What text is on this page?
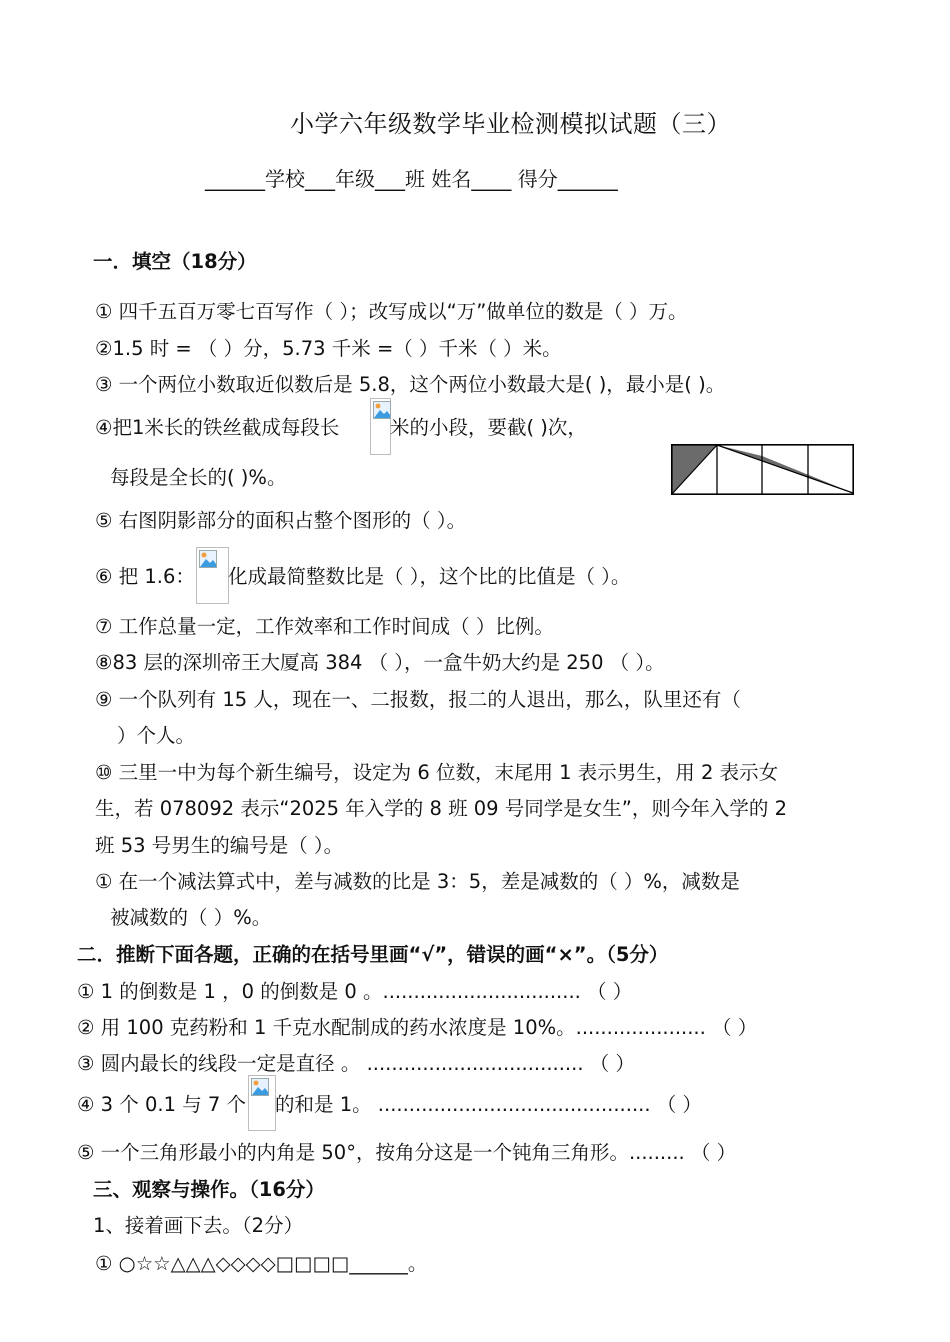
小学六年级数学毕业检测模拟试题（三）
______学校___年级___班 姓名____ 得分______
一．填空（18分）
① 四千五百万零七百写作（ ）；改写成以“万”做单位的数是（ ）万。
②1.5 时 = （ ）分，5.73 千米 =（ ）千米（ ）米。
③ 一个两位小数取近似数后是 5.8，这个两位小数最大是( )，最小是( )。
④把1米长的铁丝截成每段长	米的小段，要截( )次，
每段是全长的( )%。
⑤ 右图阴影部分的面积占整个图形的（ ）。
⑥ 把 1.6： 化成最简整数比是（ ），这个比的比值是（ ）。
⑦ 工作总量一定，工作效率和工作时间成（ ）比例。
⑧83 层的深圳帝王大厦高 384 （ ），一盒牛奶大约是 250 （ ）。
⑨ 一个队列有 15 人，现在一、二报数，报二的人退出，那么，队里还有（
）个人。
⑩ 三里一中为每个新生编号，设定为 6 位数，末尾用 1 表示男生，用 2 表示女
生，若 078092 表示“2025 年入学的 8 班 09 号同学是女生”，则今年入学的 2
班 53 号男生的编号是（ ）。
① 在一个减法算式中，差与减数的比是 3：5，差是减数的（ ）%，减数是
被减数的（ ）%。
二．推断下面各题，正确的在括号里画“√”，错误的画“×”。（5分）
① 1 的倒数是 1 ，0 的倒数是 0 。................................ （ ）
② 用 100 克药粉和 1 千克水配制成的药水浓度是 10%。..................... （ ）
③ 圆内最长的线段一定是直径 。 ................................... （ ）
④ 3 个 0.1 与 7 个 的和是 1。 ............................................ （ ）
⑤ 一个三角形最小的内角是 50°，按角分这是一个钝角三角形。......... （ ）
三、观察与操作。（16分）
1、接着画下去。（2分）
① ○☆☆△△△◇◇◇◇□□□□______。
